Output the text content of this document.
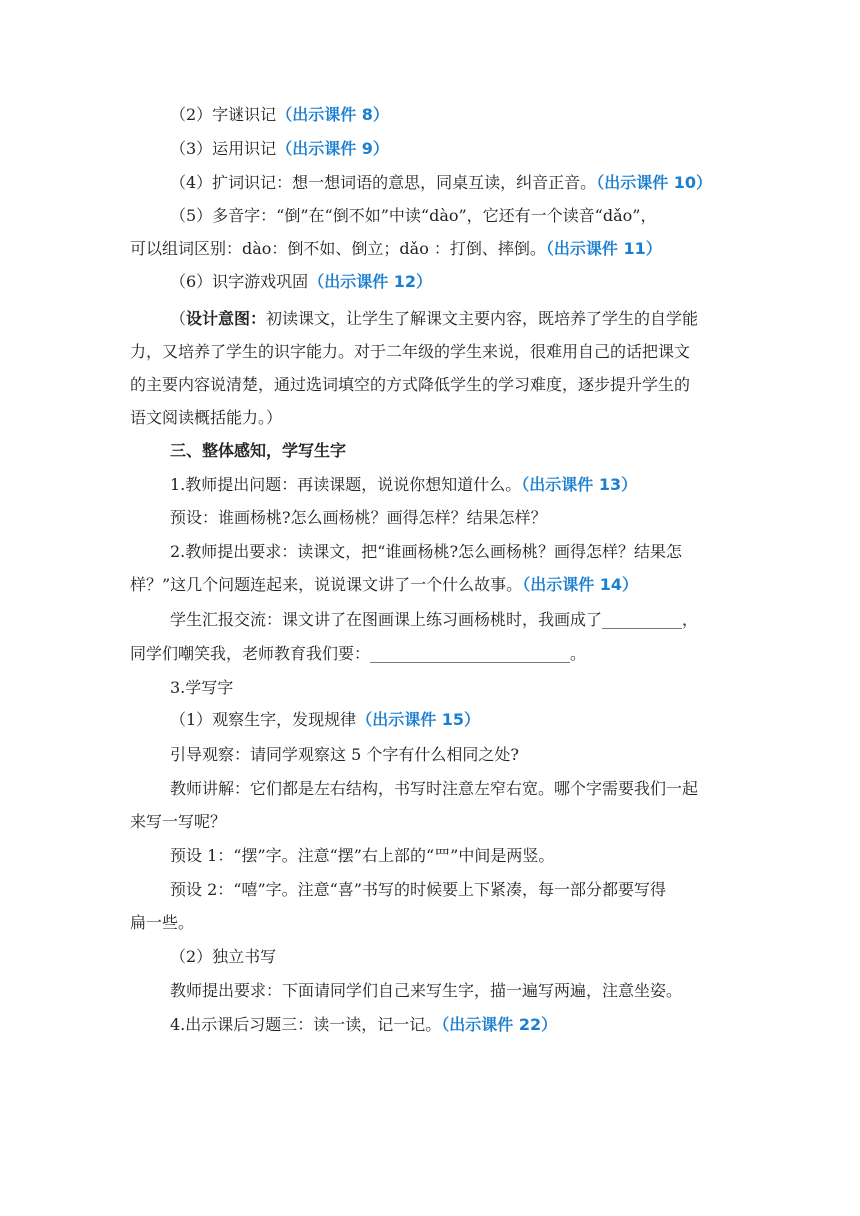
（2）字谜识记（出示课件 8）
（3）运用识记（出示课件 9）
（4）扩词识记：想一想词语的意思，同桌互读，纠音正音。（出示课件 10）
（5）多音字：“倒”在“倒不如”中读“dào”，它还有一个读音“dǎo”，
可以组词区别：dào：倒不如、倒立；dǎo ：打倒、摔倒。（出示课件 11）
（6）识字游戏巩固（出示课件 12）
（设计意图：初读课文，让学生了解课文主要内容，既培养了学生的自学能
力，又培养了学生的识字能力。对于二年级的学生来说，很难用自己的话把课文
的主要内容说清楚，通过选词填空的方式降低学生的学习难度，逐步提升学生的
语文阅读概括能力。）
三、整体感知，学写生字
1.教师提出问题：再读课题，说说你想知道什么。（出示课件 13）
预设：谁画杨桃?怎么画杨桃？画得怎样？结果怎样？
2.教师提出要求：读课文，把“谁画杨桃?怎么画杨桃？画得怎样？结果怎
样？”这几个问题连起来，说说课文讲了一个什么故事。（出示课件 14）
学生汇报交流：课文讲了在图画课上练习画杨桃时，我画成了__________，
同学们嘲笑我，老师教育我们要：_________________________。
3.学写字
（1）观察生字，发现规律（出示课件 15）
引导观察：请同学观察这 5 个字有什么相同之处?
教师讲解：它们都是左右结构，书写时注意左窄右宽。哪个字需要我们一起
来写一写呢？
预设 1：“摆”字。注意“摆”右上部的“罒”中间是两竖。
预设 2：“嘻”字。注意“喜”书写的时候要上下紧凑，每一部分都要写得
扁一些。
（2）独立书写
教师提出要求：下面请同学们自己来写生字，描一遍写两遍，注意坐姿。
4.出示课后习题三：读一读，记一记。（出示课件 22）
